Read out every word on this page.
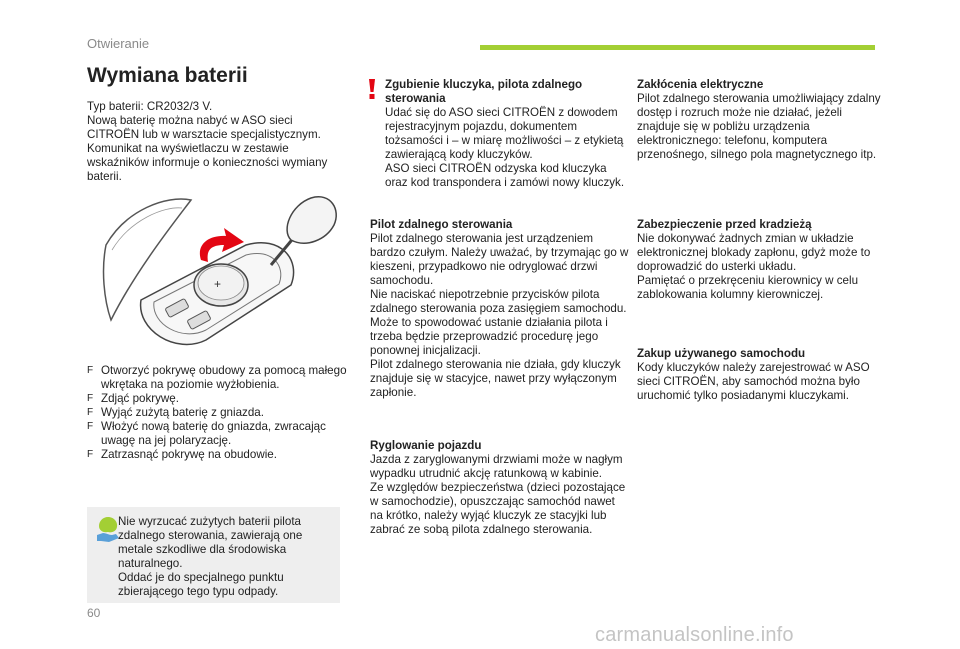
Otwieranie
Wymiana baterii
Typ baterii: CR2032/3 V.
Nową baterię można nabyć w ASO sieci CITROËN lub w warsztacie specjalistycznym.
Komunikat na wyświetlaczu w zestawie wskaźników informuje o konieczności wymiany baterii.
+
F Otworzyć pokrywę obudowy za pomocą małego wkrętaka na poziomie wyżłobienia.
F Zdjąć pokrywę.
F Wyjąć zużytą baterię z gniazda.
F Włożyć nową baterię do gniazda, zwracając uwagę na jej polaryzację.
F Zatrzasnąć pokrywę na obudowie.
Nie wyrzucać zużytych baterii pilota zdalnego sterowania, zawierają one metale szkodliwe dla środowiska naturalnego.
Oddać je do specjalnego punktu zbierającego tego typu odpady.
Zgubienie kluczyka, pilota zdalnego sterowania
Udać się do ASO sieci CITROËN z dowodem rejestracyjnym pojazdu, dokumentem tożsamości i – w miarę możliwości – z etykietą zawierającą kody kluczyków.
ASO sieci CITROËN odzyska kod kluczyka oraz kod transpondera i zamówi nowy kluczyk.
Pilot zdalnego sterowania
Pilot zdalnego sterowania jest urządzeniem bardzo czułym. Należy uważać, by trzymając go w kieszeni, przypadkowo nie odryglować drzwi samochodu.
Nie naciskać niepotrzebnie przycisków pilota zdalnego sterowania poza zasięgiem samochodu. Może to spowodować ustanie działania pilota i trzeba będzie przeprowadzić procedurę jego ponownej inicjalizacji.
Pilot zdalnego sterowania nie działa, gdy kluczyk znajduje się w stacyjce, nawet przy wyłączonym zapłonie.
Ryglowanie pojazdu
Jazda z zaryglowanymi drzwiami może w nagłym wypadku utrudnić akcję ratunkową w kabinie.
Ze względów bezpieczeństwa (dzieci pozostające w samochodzie), opuszczając samochód nawet na krótko, należy wyjąć kluczyk ze stacyjki lub zabrać ze sobą pilota zdalnego sterowania.
Zakłócenia elektryczne
Pilot zdalnego sterowania umożliwiający zdalny dostęp i rozruch może nie działać, jeżeli znajduje się w pobliżu urządzenia elektronicznego: telefonu, komputera przenośnego, silnego pola magnetycznego itp.
Zabezpieczenie przed kradzieżą
Nie dokonywać żadnych zmian w układzie elektronicznej blokady zapłonu, gdyż może to doprowadzić do usterki układu.
Pamiętać o przekręceniu kierownicy w celu zablokowania kolumny kierowniczej.
Zakup używanego samochodu
Kody kluczyków należy zarejestrować w ASO sieci CITROËN, aby samochód można było uruchomić tylko posiadanymi kluczykami.
60
carmanualsonline.info
